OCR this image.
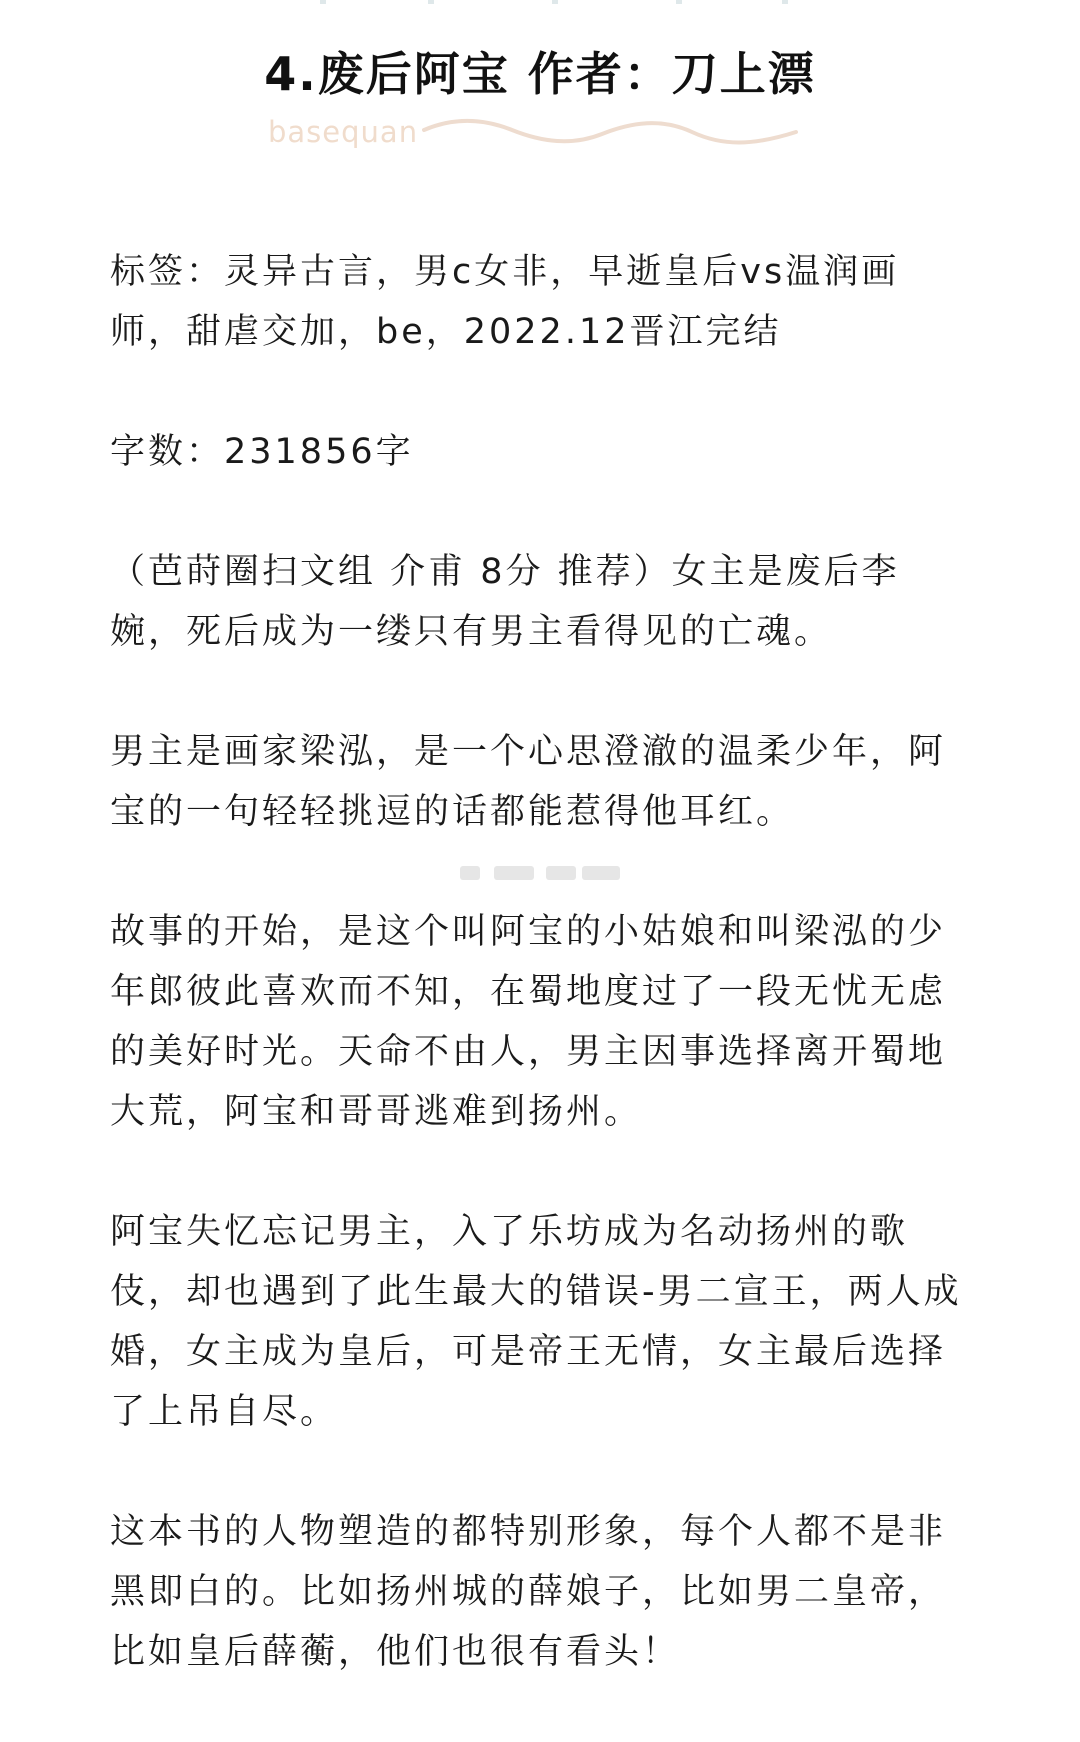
4.废后阿宝 作者：刀上漂
basequan

标签：灵异古言，男c女非，早逝皇后vs温润画师，甜虐交加，be，2022.12晋江完结

字数：231856字

（芭莳圈扫文组 介甫 8分 推荐）女主是废后李婉，死后成为一缕只有男主看得见的亡魂。

男主是画家梁泓，是一个心思澄澈的温柔少年，阿宝的一句轻轻挑逗的话都能惹得他耳红。

故事的开始，是这个叫阿宝的小姑娘和叫梁泓的少年郎彼此喜欢而不知，在蜀地度过了一段无忧无虑的美好时光。天命不由人，男主因事选择离开蜀地大荒，阿宝和哥哥逃难到扬州。

阿宝失忆忘记男主，入了乐坊成为名动扬州的歌伎，却也遇到了此生最大的错误-男二宣王，两人成婚，女主成为皇后，可是帝王无情，女主最后选择了上吊自尽。

这本书的人物塑造的都特别形象，每个人都不是非黑即白的。比如扬州城的薛娘子，比如男二皇帝，比如皇后薛蘅，他们也很有看头！
